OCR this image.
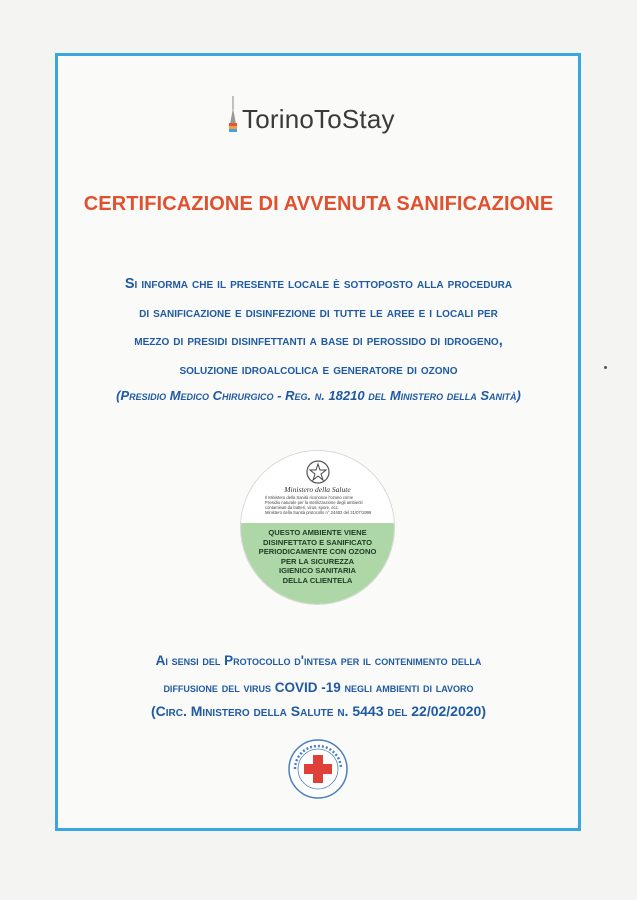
TorinoToStay
CERTIFICAZIONE DI AVVENUTA SANIFICAZIONE

Si informa che il presente locale è sottoposto alla procedura

di sanificazione e disinfezione di tutte le aree e i locali per

mezzo di presidi disinfettanti a base di perossido di idrogeno,

soluzione idroalcolica e generatore di ozono

(Presidio Medico Chirurgico - Reg. n. 18210 del Ministero della Sanità)
Ministero della Salute
Il Ministero della Sanità riconosce l'ozono come
Presidio naturale per la sterilizzazione degli ambienti
contaminati da batteri, virus, spore, ecc.
Ministero della Sanità protocollo n° 24482 del 31/07/1996
QUESTO AMBIENTE VIENE
DISINFETTATO E SANIFICATO
PERIODICAMENTE CON OZONO
PER LA SICUREZZA
IGIENICO SANITARIA
DELLA CLIENTELA

Ai sensi del Protocollo d'intesa per il contenimento della

diffusione del virus COVID -19 negli ambienti di lavoro

(Circ. Ministero della Salute n. 5443 del 22/02/2020)
